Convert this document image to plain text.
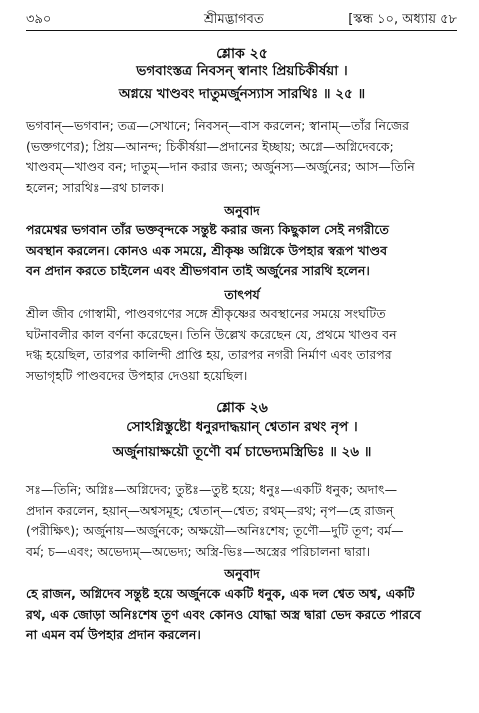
৩৯০	শ্রীমদ্ভাগবত	[স্কন্ধ ১০, অধ্যায় ৫৮
শ্লোক ২৫
ভগবাংস্তত্র নিবসন্ স্বানাং প্রিয়চিকীর্ষয়া ।
অগ্নয়ে খাণ্ডবং দাতুমর্জুনস্যাস সারথিঃ ॥ ২৫ ॥

ভগবান্—ভগবান; তত্র—সেখানে; নিবসন্—বাস করলেন; স্বানাম্—তাঁর নিজের

(ভক্তগণের); প্রিয়—আনন্দ; চিকীর্ষয়া—প্রদানের ইচ্ছায়; অগ্নে—অগ্নিদেবকে;

খাণ্ডবম্—খাণ্ডব বন; দাতুম্—দান করার জন্য; অর্জুনস্য—অর্জুনের; আস—তিনি

হলেন; সারথিঃ—রথ চালক।

অনুবাদ

পরমেশ্বর ভগবান তাঁর ভক্তবৃন্দকে সন্তুষ্ট করার জন্য কিছুকাল সেই নগরীতে

অবস্থান করলেন। কোনও এক সময়ে, শ্রীকৃষ্ণ অগ্নিকে উপহার স্বরূপ খাণ্ডব

বন প্রদান করতে চাইলেন এবং শ্রীভগবান তাই অর্জুনের সারথি হলেন।

তাৎপর্য

শ্রীল জীব গোস্বামী, পাণ্ডবগণের সঙ্গে শ্রীকৃষ্ণের অবস্থানের সময়ে সংঘটিত

ঘটনাবলীর কাল বর্ণনা করেছেন। তিনি উল্লেখ করেছেন যে, প্রথমে খাণ্ডব বন

দগ্ধ হয়েছিল, তারপর কালিন্দী প্রাপ্তি হয়, তারপর নগরী নির্মাণ এবং তারপর

সভাগৃহটি পাণ্ডবদের উপহার দেওয়া হয়েছিল।

শ্লোক ২৬
সোঽগ্নিস্তুষ্টো ধনুরদাদ্ধয়ান্ শ্বেতান রথং নৃপ ।
অর্জুনায়াক্ষয়ৌ তূণৌ বর্ম চাভেদ্যমস্ত্রিভিঃ ॥ ২৬ ॥

সঃ—তিনি; অগ্নিঃ—অগ্নিদেব; তুষ্টঃ—তুষ্ট হয়ে; ধনুঃ—একটি ধনুক; অদাৎ—

প্রদান করলেন, হয়ান্—অশ্বসমূহ; শ্বেতান্—শ্বেত; রথম্—রথ; নৃপ—হে রাজন্

(পরীক্ষিৎ); অর্জুনায়—অর্জুনকে; অক্ষয়ৌ—অনিঃশেষ; তূণৌ—দুটি তূণ; বর্ম—

বর্ম; চ—এবং; অভেদ্যম্—অভেদ্য; অস্ত্রি-ভিঃ—অস্ত্রের পরিচালনা দ্বারা।

অনুবাদ

হে রাজন, অগ্নিদেব সন্তুষ্ট হয়ে অর্জুনকে একটি ধনুক, এক দল শ্বেত অশ্ব, একটি

রথ, এক জোড়া অনিঃশেষ তূণ এবং কোনও যোদ্ধা অস্ত্র দ্বারা ভেদ করতে পারবে

না এমন বর্ম উপহার প্রদান করলেন।
